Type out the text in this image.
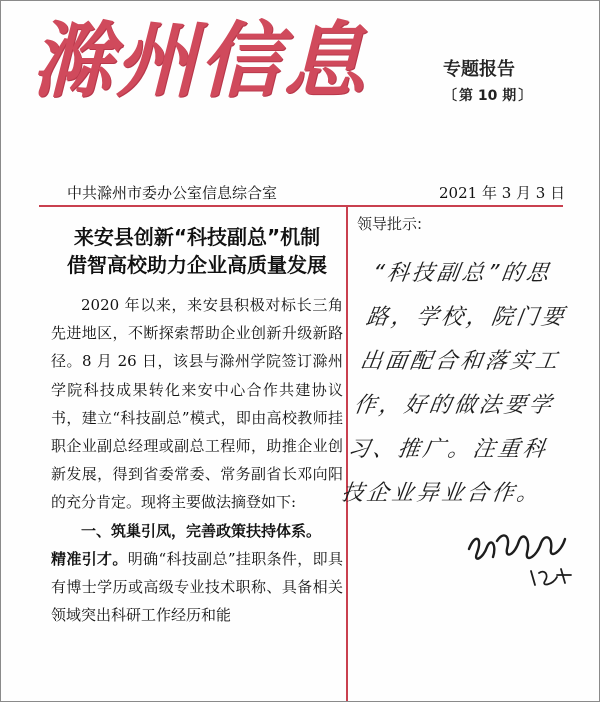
滁州信息	专题报告
〔 第 10 期 〕
中共滁州市委办公室信息综合室	2021 年 3 月 3 日
来安县创新“科技副总”机制
借智高校助力企业高质量发展
2020 年以来，来安县积极对标长三角先进地区，不断探索帮助企业创新升级新路径。8 月 26 日，该县与滁州学院签订滁州学院科技成果转化来安中心合作共建协议书，建立“科技副总”模式，即由高校教师挂职企业副总经理或副总工程师，助推企业创新发展，得到省委常委、常务副省长邓向阳的充分肯定。现将主要做法摘登如下:
一、筑巢引凤，完善政策扶持体系。
精准引才。明确“科技副总”挂职条件，即具有博士学历或高级专业技术职称、具备相关领域突出科研工作经历和能
领导批示:
“科技副总”的思路，学校，院门要出面配合和落实工作，好的做法要学习、推广。注重科技企业异业合作。
